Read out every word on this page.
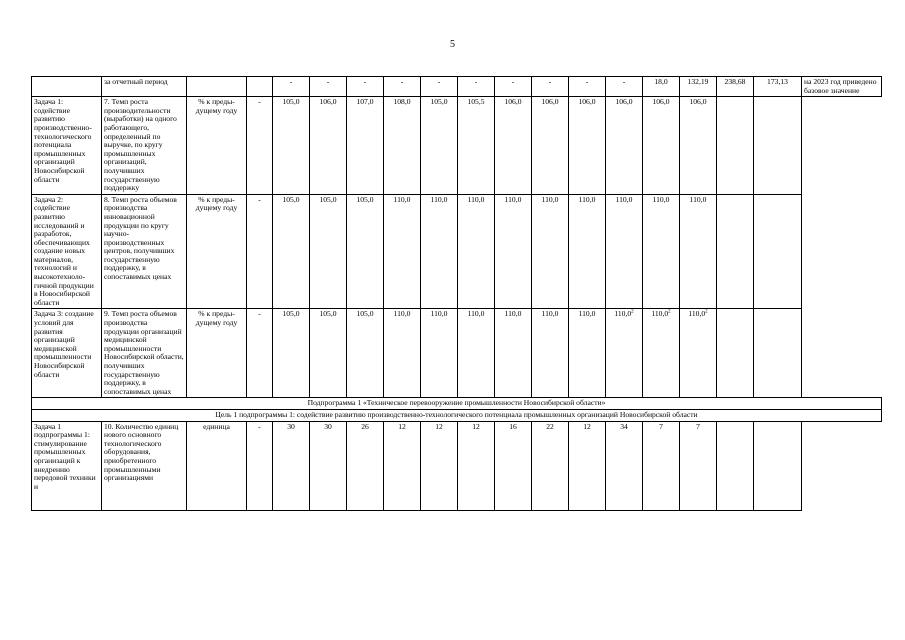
5
	за отчетный период			-	-	-	-	-	-	-	-	-	-	18,0	132,19	238,68	173,13	на 2023 год приведено базовое значение
Задача 1: содействие развитию производственно-технологического потенциала промышленных организаций Новосибирской области	7. Темп роста производительности (выработки) на одного работающего, определенный по выручке, по кругу промышленных организаций, получивших государственную поддержку	% к преды-дущему году	-	105,0	106,0	107,0	108,0	105,0	105,5	106,0	106,0	106,0	106,0	106,0	106,0			
Задача 2: содействие развитию исследований и разработок, обеспечивающих создание новых материалов, технологий и высокотехноло-гичной продукции в Новосибирской области	8. Темп роста объемов производства инновационной продукции по кругу научно-производственных центров, получивших государственную поддержку, в сопоставимых ценах	% к преды-дущему году	-	105,0	105,0	105,0	110,0	110,0	110,0	110,0	110,0	110,0	110,0	110,0	110,0			
Задача 3: создание условий для развития организаций медицинской промышленности Новосибирской области	9. Темп роста объемов производства продукции организаций медицинской промышленности Новосибирской области, получивших государственную поддержку, в сопоставимых ценах	% к преды-дущему году	-	105,0	105,0	105,0	110,0	110,0	110,0	110,0	110,0	110,0	110,0$^2$	110,0$^2$	110,0$^2$		
Подпрограмма 1 «Техническое перевооружение промышленности Новосибирской области»																		
Цель 1 подпрограммы 1: содействие развитию производственно-технологического потенциала промышленных организаций Новосибирской области																		
Задача 1 подпрограммы 1: стимулирование промышленных организаций к внедрению передовой техники и	10. Количество единиц нового основного технологического оборудования, приобретенного промышленными организациями	единица	-	30	30	26	12	12	12	16	22	12	34	7	7			
